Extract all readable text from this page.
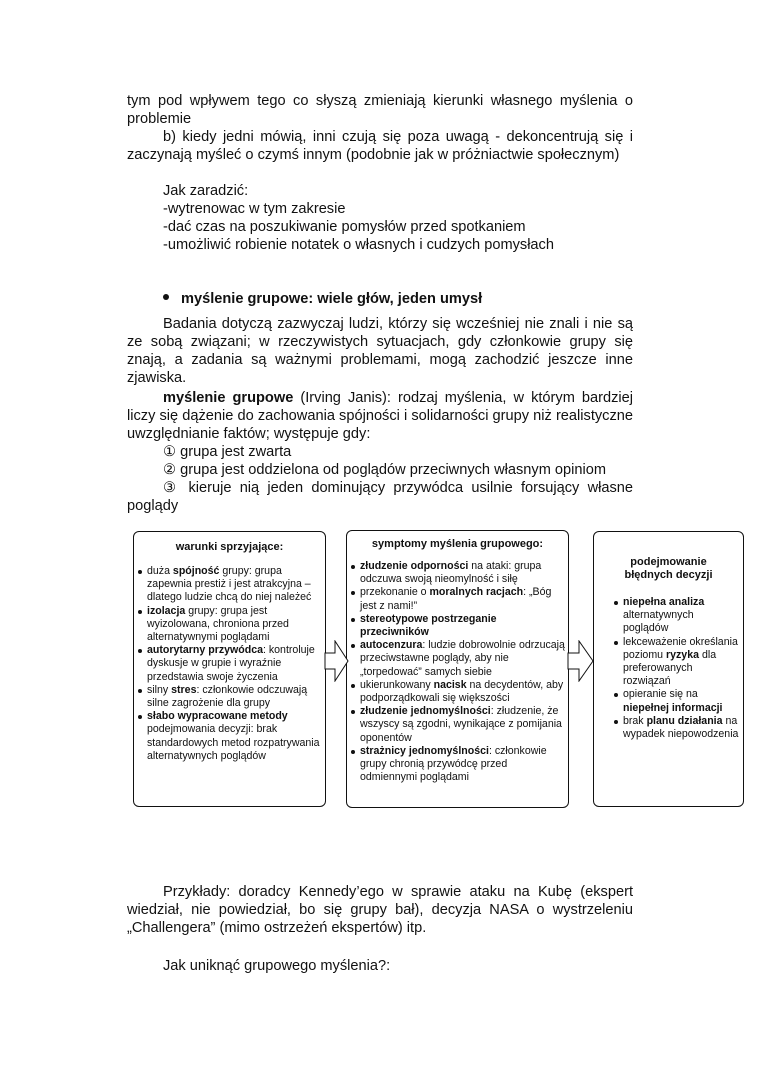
tym pod wpływem tego co słyszą zmieniają kierunki własnego myślenia o problemie
b) kiedy jedni mówią, inni czują się poza uwagą - dekoncentrują się i zaczynają myśleć o czymś innym (podobnie jak w próżniactwie społecznym)
Jak zaradzić:
-wytrenowac w tym zakresie
-dać czas na poszukiwanie pomysłów przed spotkaniem
-umożliwić robienie notatek o własnych i cudzych pomysłach
myślenie grupowe: wiele głów, jeden umysł
Badania dotyczą zazwyczaj ludzi, którzy się wcześniej nie znali i nie są ze sobą związani; w rzeczywistych sytuacjach, gdy członkowie grupy się znają, a zadania są ważnymi problemami, mogą zachodzić jeszcze inne zjawiska.
myślenie grupowe (Irving Janis): rodzaj myślenia, w którym bardziej liczy się dążenie do zachowania spójności i solidarności grupy niż realistyczne uwzględnianie faktów; występuje gdy:
① grupa jest zwarta
② grupa jest oddzielona od poglądów przeciwnych własnym opiniom
③ kieruje nią jeden dominujący przywódca usilnie forsujący własne poglądy
warunki sprzyjające:
duża spójność grupy: grupa zapewnia prestiż i jest atrakcyjna – dlatego ludzie chcą do niej należeć
izolacja grupy: grupa jest wyizolowana, chroniona przed alternatywnymi poglądami
autorytarny przywódca: kontroluje dyskusje w grupie i wyraźnie przedstawia swoje życzenia
silny stres: członkowie odczuwają silne zagrożenie dla grupy
słabo wypracowane metody podejmowania decyzji: brak standardowych metod rozpatrywania alternatywnych poglądów
symptomy myślenia grupowego:
złudzenie odporności na ataki: grupa odczuwa swoją nieomylność i siłę
przekonanie o moralnych racjach: „Bóg jest z nami!”
stereotypowe postrzeganie przeciwników
autocenzura: ludzie dobrowolnie odrzucają przeciwstawne poglądy, aby nie „torpedować” samych siebie
ukierunkowany nacisk na decydentów, aby podporządkowali się większości
złudzenie jednomyślności: złudzenie, że wszyscy są zgodni, wynikające z pomijania oponentów
strażnicy jednomyślności: członkowie grupy chronią przywódcę przed odmiennymi poglądami
podejmowanie
błędnych decyzji
niepełna analiza alternatywnych poglądów
lekceważenie określania poziomu ryzyka dla preferowanych rozwiązań
opieranie się na niepełnej informacji
brak planu działania na wypadek niepowodzenia
Przykłady: doradcy Kennedy’ego w sprawie ataku na Kubę (ekspert wiedział, nie powiedział, bo się grupy bał), decyzja NASA o wystrzeleniu „Challengera” (mimo ostrzeżeń ekspertów) itp.
Jak uniknąć grupowego myślenia?:
